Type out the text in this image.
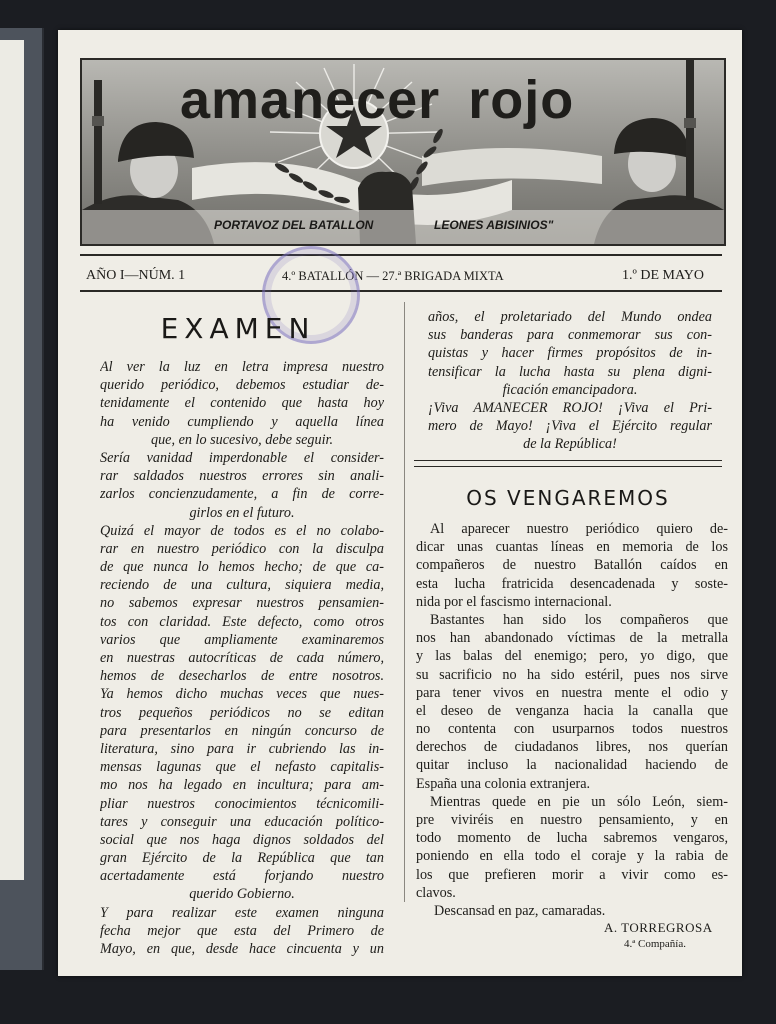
amanecer rojo
PORTAVOZ DEL BATALLON	LEONES ABISINIOS"
AÑO I—NÚM. 1	4.º BATALLÓN — 27.ª BRIGADA MIXTA	1.º DE MAYO
EXAMEN
Al ver la luz en letra impresa nuestro
querido periódico, debemos estudiar de-
tenidamente el contenido que hasta hoy
ha venido cumpliendo y aquella línea
que, en lo sucesivo, debe seguir.
Sería vanidad imperdonable el consider-
rar saldados nuestros errores sin anali-
zarlos concienzudamente, a fin de corre-
girlos en el futuro.
Quizá el mayor de todos es el no colabo-
rar en nuestro periódico con la disculpa
de que nunca lo hemos hecho; de que ca-
reciendo de una cultura, siquiera media,
no sabemos expresar nuestros pensamien-
tos con claridad. Este defecto, como otros
varios que ampliamente examinaremos
en nuestras autocríticas de cada número,
hemos de desecharlos de entre nosotros.
Ya hemos dicho muchas veces que nues-
tros pequeños periódicos no se editan
para presentarlos en ningún concurso de
literatura, sino para ir cubriendo las in-
mensas lagunas que el nefasto capitalis-
mo nos ha legado en incultura; para am-
pliar nuestros conocimientos técnicomili-
tares y conseguir una educación político-
social que nos haga dignos soldados del
gran Ejército de la República que tan
acertadamente está forjando nuestro
querido Gobierno.
Y para realizar este examen ninguna
fecha mejor que esta del Primero de
Mayo, en que, desde hace cincuenta y un
años, el proletariado del Mundo ondea
sus banderas para conmemorar sus con-
quistas y hacer firmes propósitos de in-
tensificar la lucha hasta su plena digni-
ficación emancipadora.
¡Viva AMANECER ROJO! ¡Viva el Pri-
mero de Mayo! ¡Viva el Ejército regular
de la República!
OS VENGAREMOS
Al aparecer nuestro periódico quiero de-
dicar unas cuantas líneas en memoria de los
compañeros de nuestro Batallón caídos en
esta lucha fratricida desencadenada y soste-
nida por el fascismo internacional.
Bastantes han sido los compañeros que
nos han abandonado víctimas de la metralla
y las balas del enemigo; pero, yo digo, que
su sacrificio no ha sido estéril, pues nos sirve
para tener vivos en nuestra mente el odio y
el deseo de venganza hacia la canalla que
no contenta con usurparnos todos nuestros
derechos de ciudadanos libres, nos querían
quitar incluso la nacionalidad haciendo de
España una colonia extranjera.
Mientras quede en pie un sólo León, siem-
pre viviréis en nuestro pensamiento, y en
todo momento de lucha sabremos vengaros,
poniendo en ella todo el coraje y la rabia de
los que prefieren morir a vivir como es-
clavos.
Descansad en paz, camaradas.
A. TORREGROSA
4.ª Compañía.
